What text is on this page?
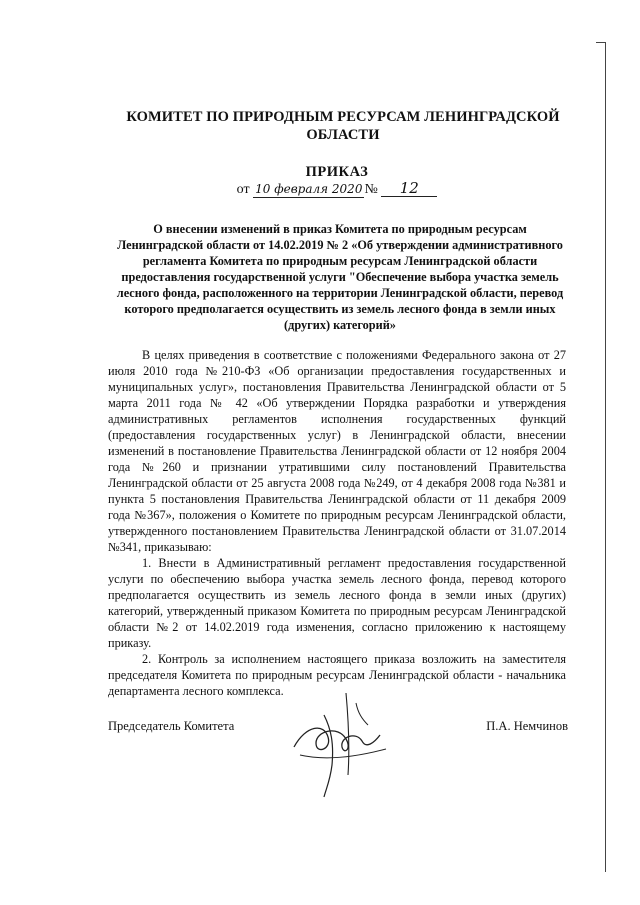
КОМИТЕТ ПО ПРИРОДНЫМ РЕСУРСАМ ЛЕНИНГРАДСКОЙ
ОБЛАСТИ
ПРИКАЗ
от 10 февраля 2020 № 12
О внесении изменений в приказ Комитета по природным ресурсам Ленинградской области от 14.02.2019 № 2 «Об утверждении административного регламента Комитета по природным ресурсам Ленинградской области предоставления государственной услуги "Обеспечение выбора участка земель лесного фонда, расположенного на территории Ленинградской области, перевод которого предполагается осуществить из земель лесного фонда в земли иных (других) категорий»

В целях приведения в соответствие с положениями Федерального закона от 27 июля 2010 года №210-ФЗ «Об организации предоставления государственных и муниципальных услуг», постановления Правительства Ленинградской области от 5 марта 2011 года № 42 «Об утверждении Порядка разработки и утверждения административных регламентов исполнения государственных функций (предоставления государственных услуг) в Ленинградской области, внесении изменений в постановление Правительства Ленинградской области от 12 ноября 2004 года №260 и признании утратившими силу постановлений Правительства Ленинградской области от 25 августа 2008 года №249, от 4 декабря 2008 года №381 и пункта 5 постановления Правительства Ленинградской области от 11 декабря 2009 года №367», положения о Комитете по природным ресурсам Ленинградской области, утвержденного постановлением Правительства Ленинградской области от 31.07.2014 №341, приказываю:

1. Внести в Административный регламент предоставления государственной услуги по обеспечению выбора участка земель лесного фонда, перевод которого предполагается осуществить из земель лесного фонда в земли иных (других) категорий, утвержденный приказом Комитета по природным ресурсам Ленинградской области №2 от 14.02.2019 года изменения, согласно приложению к настоящему приказу.

2. Контроль за исполнением настоящего приказа возложить на заместителя председателя Комитета по природным ресурсам Ленинградской области - начальника департамента лесного комплекса.

Председатель Комитета	П.А. Немчинов
